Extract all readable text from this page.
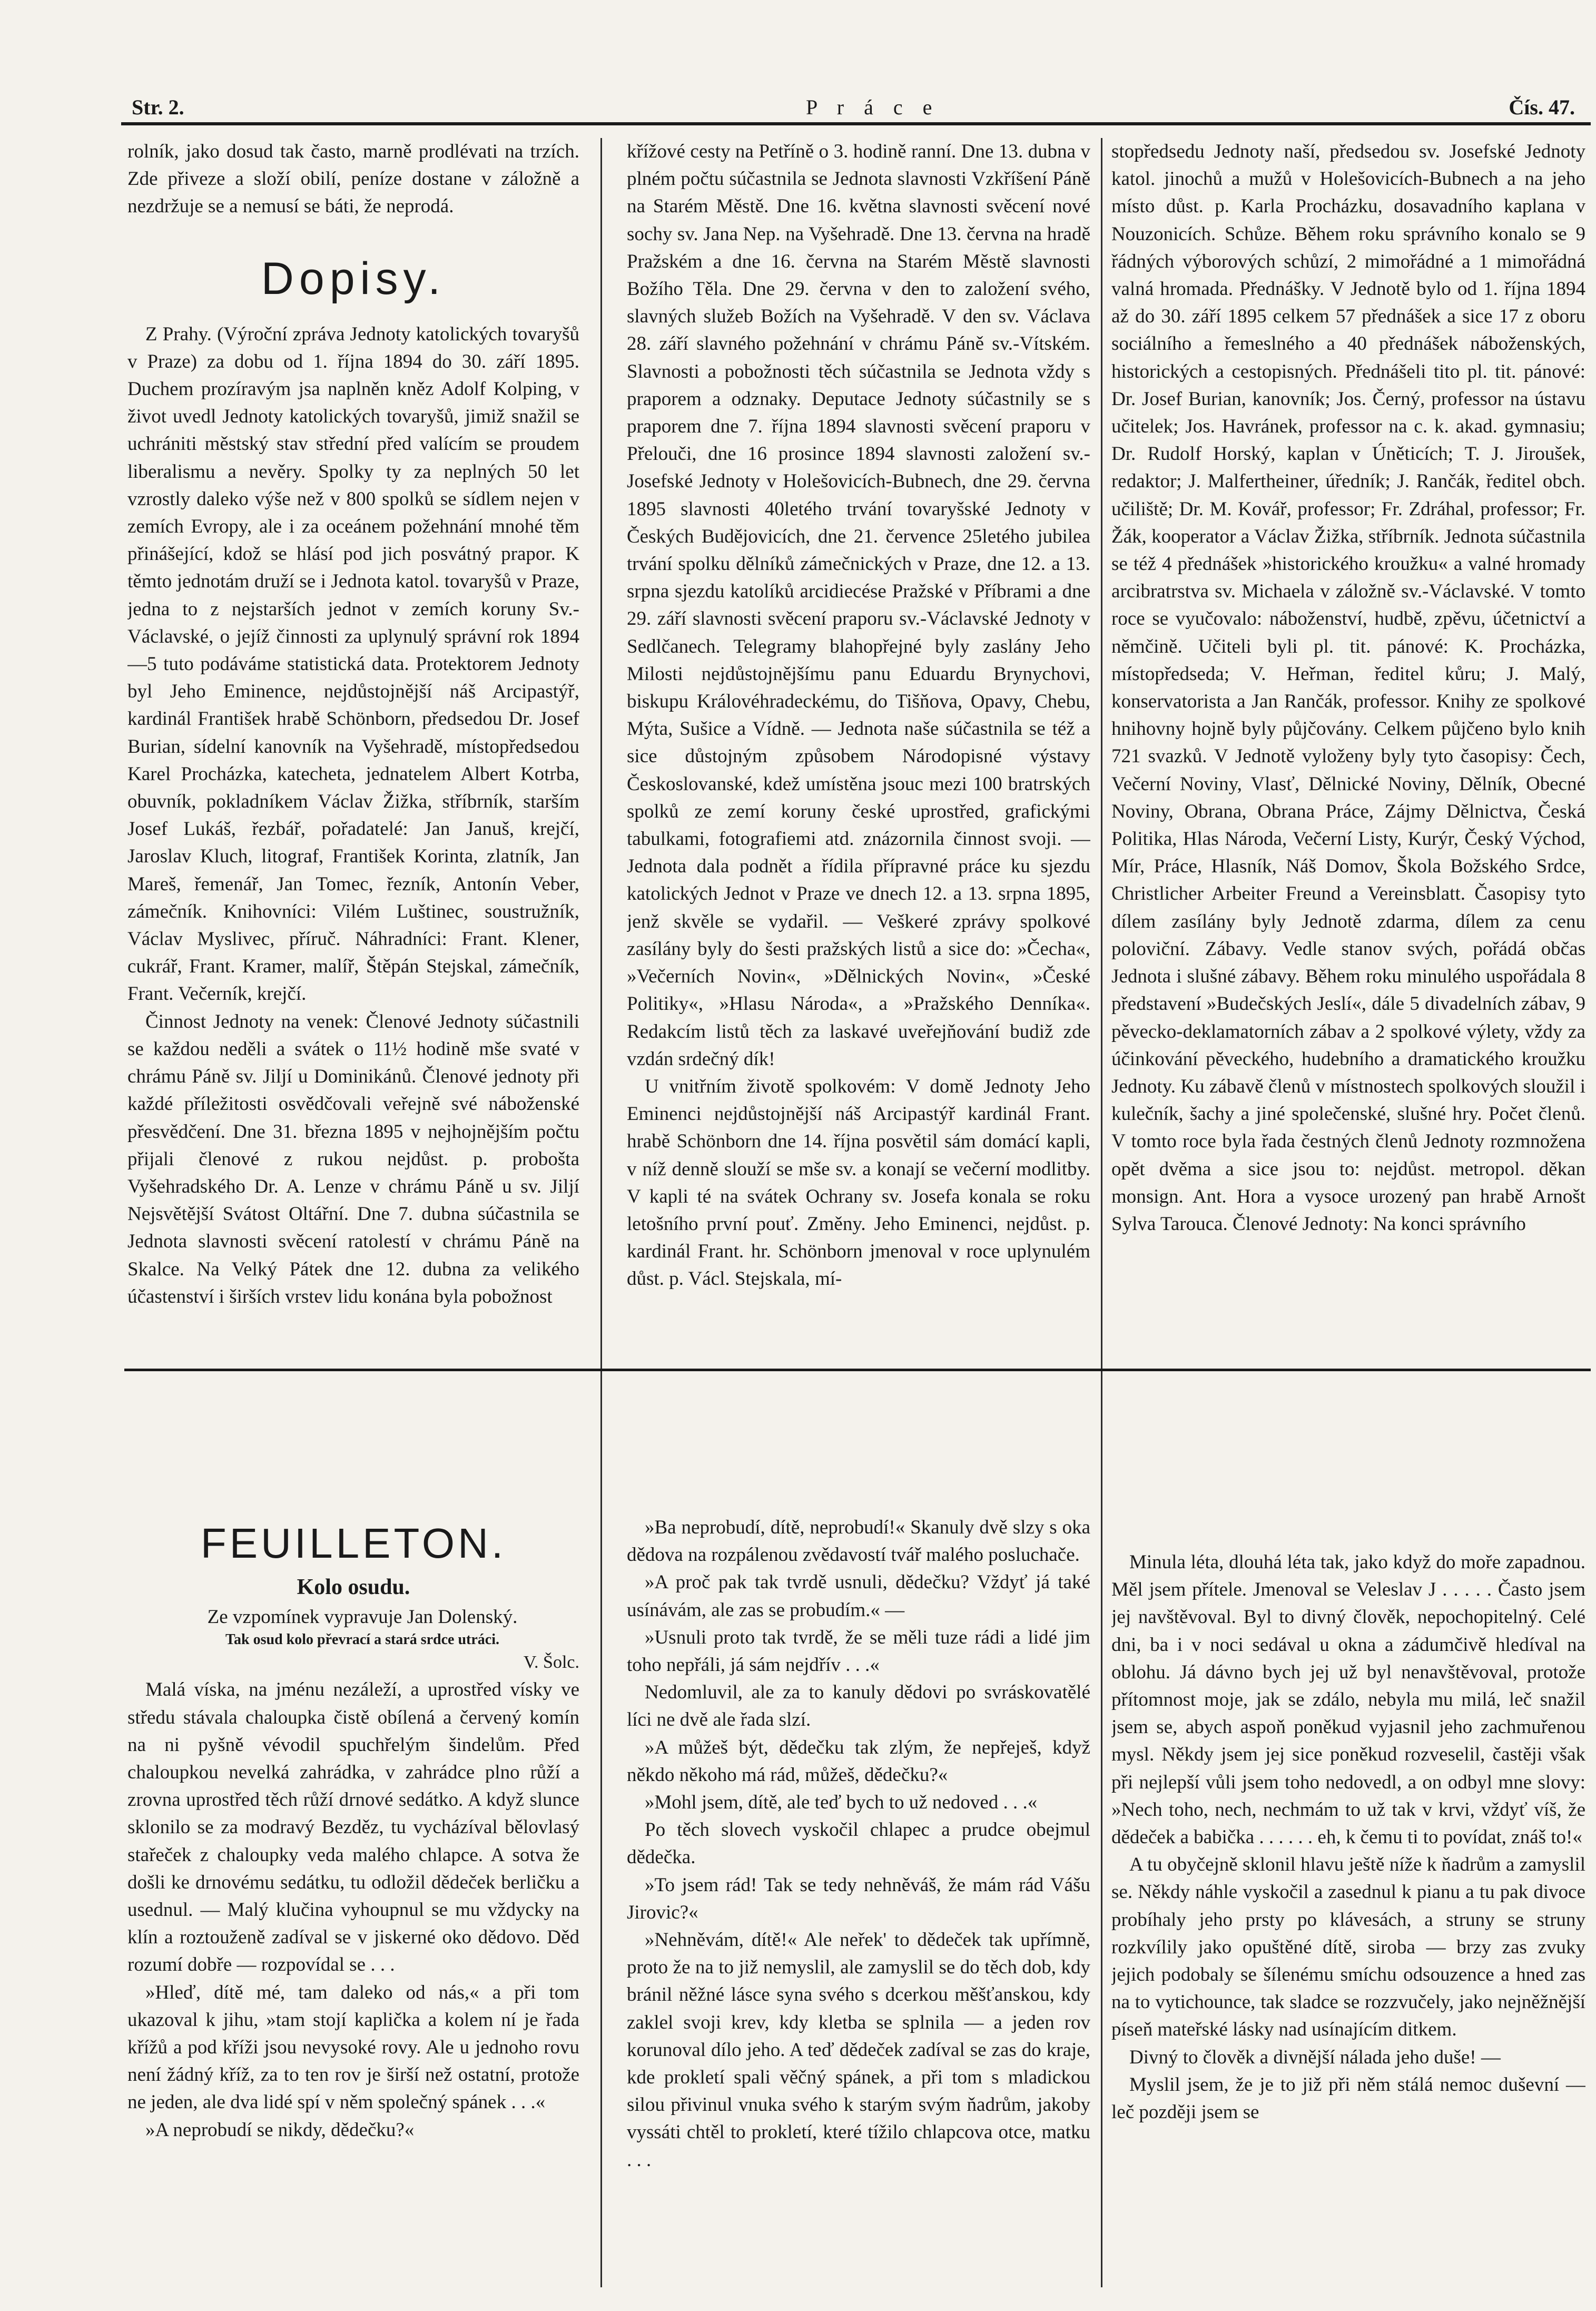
Str. 2.	P r á c e	Čís. 47.

rolník, jako dosud tak často, marně prodlévati na trzích. Zde přiveze a složí obilí, peníze dostane v záložně a nezdržuje se a nemusí se báti, že neprodá.

Dopisy.

Z Prahy. (Výroční zpráva Jednoty katolických tovaryšů v Praze) za dobu od 1. října 1894 do 30. září 1895. Duchem prozíravým jsa naplněn kněz Adolf Kolping, v život uvedl Jednoty katolických tovaryšů, jimiž snažil se uchrániti městský stav střední před valícím se proudem liberalismu a nevěry. Spolky ty za neplných 50 let vzrostly daleko výše než v 800 spolků se sídlem nejen v zemích Evropy, ale i za oceánem požehnání mnohé těm přinášející, kdož se hlásí pod jich posvátný prapor. K těmto jednotám druží se i Jednota katol. tovaryšů v Praze, jedna to z nejstarších jednot v zemích koruny Sv.-Václavské, o jejíž činnosti za uplynulý správní rok 1894—5 tuto podáváme statistická data. Protektorem Jednoty byl Jeho Eminence, nejdůstojnější náš Arcipastýř, kardinál František hrabě Schönborn, předsedou Dr. Josef Burian, sídelní kanovník na Vyšehradě, místopředsedou Karel Procházka, katecheta, jednatelem Albert Kotrba, obuvník, pokladníkem Václav Žižka, stříbrník, starším Josef Lukáš, řezbář, pořadatelé: Jan Januš, krejčí, Jaroslav Kluch, litograf, František Korinta, zlatník, Jan Mareš, řemenář, Jan Tomec, řezník, Antonín Veber, zámečník. Knihovníci: Vilém Luštinec, soustružník, Václav Myslivec, příruč. Náhradníci: Frant. Klener, cukrář, Frant. Kramer, malíř, Štěpán Stejskal, zámečník, Frant. Večerník, krejčí.

Činnost Jednoty na venek: Členové Jednoty súčastnili se každou neděli a svátek o 11½ hodině mše svaté v chrámu Páně sv. Jiljí u Dominikánů. Členové jednoty při každé příležitosti osvědčovali veřejně své náboženské přesvědčení. Dne 31. března 1895 v nejhojnějším počtu přijali členové z rukou nejdůst. p. probošta Vyšehradského Dr. A. Lenze v chrámu Páně u sv. Jiljí Nejsvětější Svátost Oltářní. Dne 7. dubna súčastnila se Jednota slavnosti svěcení ratolestí v chrámu Páně na Skalce. Na Velký Pátek dne 12. dubna za velikého účastenství i širších vrstev lidu konána byla pobožnost

FEUILLETON.
Kolo osudu.

Ze vzpomínek vypravuje Jan Dolenský.

Tak osud kolo převrací a stará srdce utráci.

V. Šolc.

Malá víska, na jménu nezáleží, a uprostřed vísky ve středu stávala chaloupka čistě obílená a červený komín na ni pyšně vévodil spuchřelým šindelům. Před chaloupkou nevelká zahrádka, v zahrádce plno růží a zrovna uprostřed těch růží drnové sedátko. A když slunce sklonilo se za modravý Bezděz, tu vycházíval bělovlasý stařeček z chaloupky veda malého chlapce. A sotva že došli ke drnovému sedátku, tu odložil dědeček berličku a usednul. — Malý klučina vyhoupnul se mu vždycky na klín a roztouženě zadíval se v jiskerné oko dědovo. Děd rozumí dobře — rozpovídal se . . .

»Hleď, dítě mé, tam daleko od nás,« a při tom ukazoval k jihu, »tam stojí kaplička a kolem ní je řada křížů a pod kříži jsou nevysoké rovy. Ale u jednoho rovu není žádný kříž, za to ten rov je širší než ostatní, protože ne jeden, ale dva lidé spí v něm společný spánek . . .«

»A neprobudí se nikdy, dědečku?«

křížové cesty na Petříně o 3. hodině ranní. Dne 13. dubna v plném počtu súčastnila se Jednota slavnosti Vzkříšení Páně na Starém Městě. Dne 16. května slavnosti svěcení nové sochy sv. Jana Nep. na Vyšehradě. Dne 13. června na hradě Pražském a dne 16. června na Starém Městě slavnosti Božího Těla. Dne 29. června v den to založení svého, slavných služeb Božích na Vyšehradě. V den sv. Václava 28. září slavného požehnání v chrámu Páně sv.-Vítském. Slavnosti a pobožnosti těch súčastnila se Jednota vždy s praporem a odznaky. Deputace Jednoty súčastnily se s praporem dne 7. října 1894 slavnosti svěcení praporu v Přelouči, dne 16 prosince 1894 slavnosti založení sv.-Josefské Jednoty v Holešovicích-Bubnech, dne 29. června 1895 slavnosti 40letého trvání tovaryšské Jednoty v Českých Budějovicích, dne 21. července 25letého jubilea trvání spolku dělníků zámečnických v Praze, dne 12. a 13. srpna sjezdu katolíků arcidiecése Pražské v Příbrami a dne 29. září slavnosti svěcení praporu sv.-Václavské Jednoty v Sedlčanech. Telegramy blahopřejné byly zaslány Jeho Milosti nejdůstojnějšímu panu Eduardu Brynychovi, biskupu Královéhradeckému, do Tišňova, Opavy, Chebu, Mýta, Sušice a Vídně. — Jednota naše súčastnila se též a sice důstojným způsobem Národopisné výstavy Českoslovanské, kdež umístěna jsouc mezi 100 bratrských spolků ze zemí koruny české uprostřed, grafickými tabulkami, fotografiemi atd. znázornila činnost svoji. — Jednota dala podnět a řídila přípravné práce ku sjezdu katolických Jednot v Praze ve dnech 12. a 13. srpna 1895, jenž skvěle se vydařil. — Veškeré zprávy spolkové zasílány byly do šesti pražských listů a sice do: »Čecha«, »Večerních Novin«, »Dělnických Novin«, »České Politiky«, »Hlasu Národa«, a »Pražského Denníka«. Redakcím listů těch za laskavé uveřejňování budiž zde vzdán srdečný dík!

U vnitřním životě spolkovém: V domě Jednoty Jeho Eminenci nejdůstojnější náš Arcipastýř kardinál Frant. hrabě Schönborn dne 14. října posvětil sám domácí kapli, v níž denně slouží se mše sv. a konají se večerní modlitby. V kapli té na svátek Ochrany sv. Josefa konala se roku letošního první pouť. Změny. Jeho Eminenci, nejdůst. p. kardinál Frant. hr. Schönborn jmenoval v roce uplynulém důst. p. Václ. Stejskala, mí-

»Ba neprobudí, dítě, neprobudí!« Skanuly dvě slzy s oka dědova na rozpálenou zvědavostí tvář malého posluchače.

»A proč pak tak tvrdě usnuli, dědečku? Vždyť já také usínávám, ale zas se probudím.« —

»Usnuli proto tak tvrdě, že se měli tuze rádi a lidé jim toho nepřáli, já sám nejdřív . . .«

Nedomluvil, ale za to kanuly dědovi po svráskovatělé líci ne dvě ale řada slzí.

»A můžeš být, dědečku tak zlým, že nepřeješ, když někdo někoho má rád, můžeš, dědečku?«

»Mohl jsem, dítě, ale teď bych to už nedoved . . .«

Po těch slovech vyskočil chlapec a prudce obejmul dědečka.

»To jsem rád! Tak se tedy nehněváš, že mám rád Vášu Jirovic?«

»Nehněvám, dítě!« Ale neřek' to dědeček tak upřímně, proto že na to již nemyslil, ale zamyslil se do těch dob, kdy bránil něžné lásce syna svého s dcerkou měšťanskou, kdy zaklel svoji krev, kdy kletba se splnila — a jeden rov korunoval dílo jeho. A teď dědeček zadíval se zas do kraje, kde prokletí spali věčný spánek, a při tom s mladickou silou přivinul vnuka svého k starým svým ňadrům, jakoby vyssáti chtěl to prokletí, které tížilo chlapcova otce, matku . . .

stopředsedu Jednoty naší, předsedou sv. Josefské Jednoty katol. jinochů a mužů v Holešovicích-Bubnech a na jeho místo důst. p. Karla Procházku, dosavadního kaplana v Nouzonicích. Schůze. Během roku správního konalo se 9 řádných výborových schůzí, 2 mimořádné a 1 mimořádná valná hromada. Přednášky. V Jednotě bylo od 1. října 1894 až do 30. září 1895 celkem 57 přednášek a sice 17 z oboru sociálního a řemeslného a 40 přednášek náboženských, historických a cestopisných. Přednášeli tito pl. tit. pánové: Dr. Josef Burian, kanovník; Jos. Černý, professor na ústavu učitelek; Jos. Havránek, professor na c. k. akad. gymnasiu; Dr. Rudolf Horský, kaplan v Úněticích; T. J. Jiroušek, redaktor; J. Malfertheiner, úředník; J. Rančák, ředitel obch. učiliště; Dr. M. Kovář, professor; Fr. Zdráhal, professor; Fr. Žák, kooperator a Václav Žižka, stříbrník. Jednota súčastnila se též 4 přednášek »historického kroužku« a valné hromady arcibratrstva sv. Michaela v záložně sv.-Václavské. V tomto roce se vyučovalo: náboženství, hudbě, zpěvu, účetnictví a němčině. Učiteli byli pl. tit. pánové: K. Procházka, místopředseda; V. Heřman, ředitel kůru; J. Malý, konservatorista a Jan Rančák, professor. Knihy ze spolkové hnihovny hojně byly půjčovány. Celkem půjčeno bylo knih 721 svazků. V Jednotě vyloženy byly tyto časopisy: Čech, Večerní Noviny, Vlasť, Dělnické Noviny, Dělník, Obecné Noviny, Obrana, Obrana Práce, Zájmy Dělnictva, Česká Politika, Hlas Národa, Večerní Listy, Kurýr, Český Východ, Mír, Práce, Hlasník, Náš Domov, Škola Božského Srdce, Christlicher Arbeiter Freund a Vereinsblatt. Časopisy tyto dílem zasílány byly Jednotě zdarma, dílem za cenu poloviční. Zábavy. Vedle stanov svých, pořádá občas Jednota i slušné zábavy. Během roku minulého uspořádala 8 představení »Budečských Jeslí«, dále 5 divadelních zábav, 9 pěvecko-deklamatorních zábav a 2 spolkové výlety, vždy za účinkování pěveckého, hudebního a dramatického kroužku Jednoty. Ku zábavě členů v místnostech spolkových sloužil i kulečník, šachy a jiné společenské, slušné hry. Počet členů. V tomto roce byla řada čestných členů Jednoty rozmnožena opět dvěma a sice jsou to: nejdůst. metropol. děkan monsign. Ant. Hora a vysoce urozený pan hrabě Arnošt Sylva Tarouca. Členové Jednoty: Na konci správního

Minula léta, dlouhá léta tak, jako když do moře zapadnou. Měl jsem přítele. Jmenoval se Veleslav J . . . . . Často jsem jej navštěvoval. Byl to divný člověk, nepochopitelný. Celé dni, ba i v noci sedával u okna a zádumčivě hledíval na oblohu. Já dávno bych jej už byl nenavštěvoval, protože přítomnost moje, jak se zdálo, nebyla mu milá, leč snažil jsem se, abych aspoň poněkud vyjasnil jeho zachmuřenou mysl. Někdy jsem jej sice poněkud rozveselil, častěji však při nejlepší vůli jsem toho nedovedl, a on odbyl mne slovy: »Nech toho, nech, nechmám to už tak v krvi, vždyť víš, že dědeček a babička . . . . . . eh, k čemu ti to povídat, znáš to!«

A tu obyčejně sklonil hlavu ještě níže k ňadrům a zamyslil se. Někdy náhle vyskočil a zasednul k pianu a tu pak divoce probíhaly jeho prsty po klávesách, a struny se struny rozkvílily jako opuštěné dítě, siroba — brzy zas zvuky jejich podobaly se šílenému smíchu odsouzence a hned zas na to vytichounce, tak sladce se rozzvučely, jako nejněžnější píseň mateřské lásky nad usínajícím ditkem.

Divný to člověk a divnější nálada jeho duše! —

Myslil jsem, že je to již při něm stálá nemoc duševní — leč později jsem se
